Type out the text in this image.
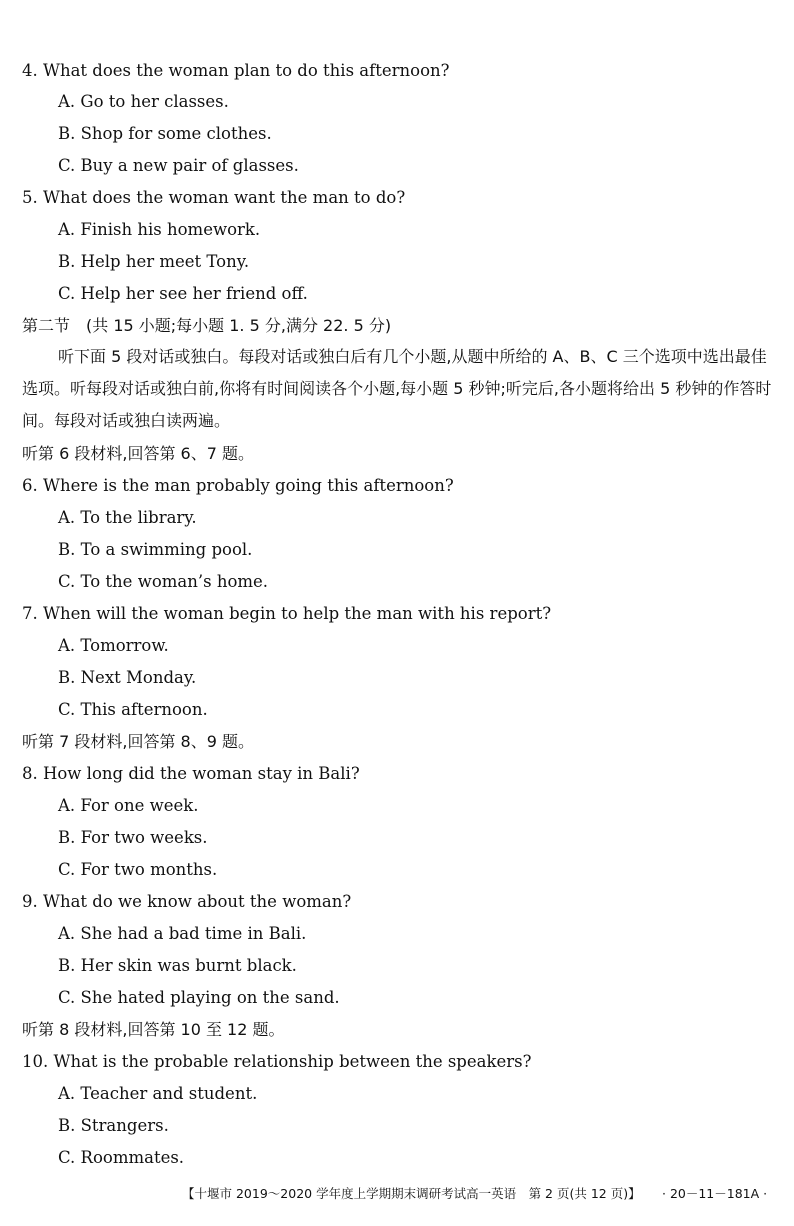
4. What does the woman plan to do this afternoon?
A. Go to her classes.
B. Shop for some clothes.
C. Buy a new pair of glasses.
5. What does the woman want the man to do?
A. Finish his homework.
B. Help her meet Tony.
C. Help her see her friend off.
第二节　(共 15 小题;每小题 1. 5 分,满分 22. 5 分)
听下面 5 段对话或独白。每段对话或独白后有几个小题,从题中所给的 A、B、C 三个选项中选出最佳选项。听每段对话或独白前,你将有时间阅读各个小题,每小题 5 秒钟;听完后,各小题将给出 5 秒钟的作答时间。每段对话或独白读两遍。
听第 6 段材料,回答第 6、7 题。
6. Where is the man probably going this afternoon?
A. To the library.
B. To a swimming pool.
C. To the woman’s home.
7. When will the woman begin to help the man with his report?
A. Tomorrow.
B. Next Monday.
C. This afternoon.
听第 7 段材料,回答第 8、9 题。
8. How long did the woman stay in Bali?
A. For one week.
B. For two weeks.
C. For two months.
9. What do we know about the woman?
A. She had a bad time in Bali.
B. Her skin was burnt black.
C. She hated playing on the sand.
听第 8 段材料,回答第 10 至 12 题。
10. What is the probable relationship between the speakers?
A. Teacher and student.
B. Strangers.
C. Roommates.
【十堰市 2019～2020 学年度上学期期末调研考试高一英语　第 2 页(共 12 页)】 · 20－11－181A ·
